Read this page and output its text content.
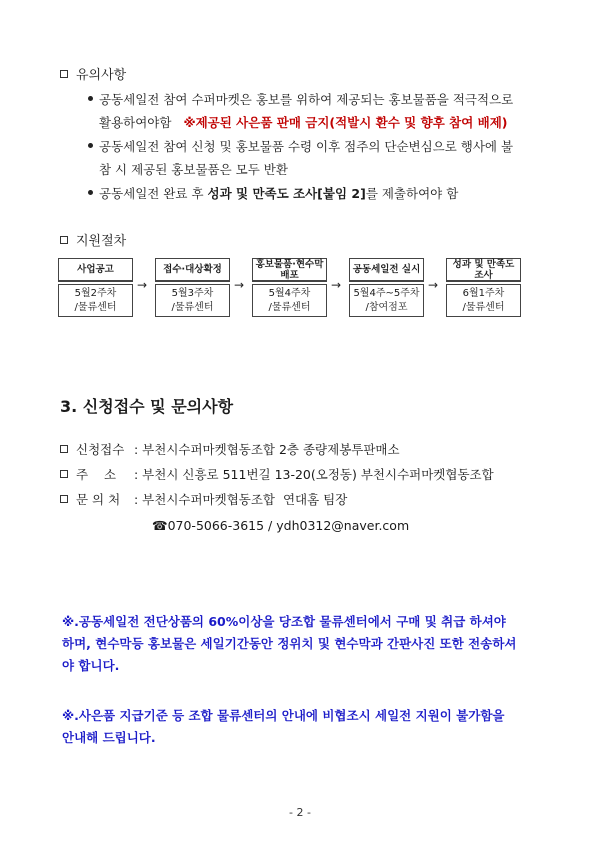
유의사항
공동세일전 참여 수퍼마켓은 홍보를 위하여 제공되는 홍보물품을 적극적으로
활용하여야함 ※제공된 사은품 판매 금지(적발시 환수 및 향후 참여 배제)
공동세일전 참여 신청 및 홍보물품 수령 이후 점주의 단순변심으로 행사에 불
참 시 제공된 홍보물품은 모두 반환
공동세일전 완료 후 성과 및 만족도 조사[붙임 2]를 제출하여야 함
지원절차
사업공고
5월2주차
/물류센터
→
접수·대상확정
5월3주차
/물류센터
→
홍보물품·현수막 배포
5월4주차
/물류센터
→
공동세일전 실시
5월4주~5주차
/참여점포
→
성과 및 만족도 조사
6월1주차
/물류센터
3. 신청접수 및 문의사항
신청접수 : 부천시수퍼마켓협동조합 2층 종량제봉투판매소
주    소 : 부천시 신흥로 511번길 13-20(오정동) 부천시수퍼마켓협동조합
문 의 처 : 부천시수퍼마켓협동조합  연대홈 팀장
☎070-5066-3615 / ydh0312@naver.com
※.공동세일전 전단상품의 60%이상을 당조합 물류센터에서 구매 및 취급 하셔야
하며, 현수막등 홍보물은 세일기간동안 정위치 및 현수막과 간판사진 또한 전송하셔
야 합니다.
※.사은품 지급기준 등 조합 물류센터의 안내에 비협조시 세일전 지원이 불가함을
안내해 드립니다.
- 2 -
